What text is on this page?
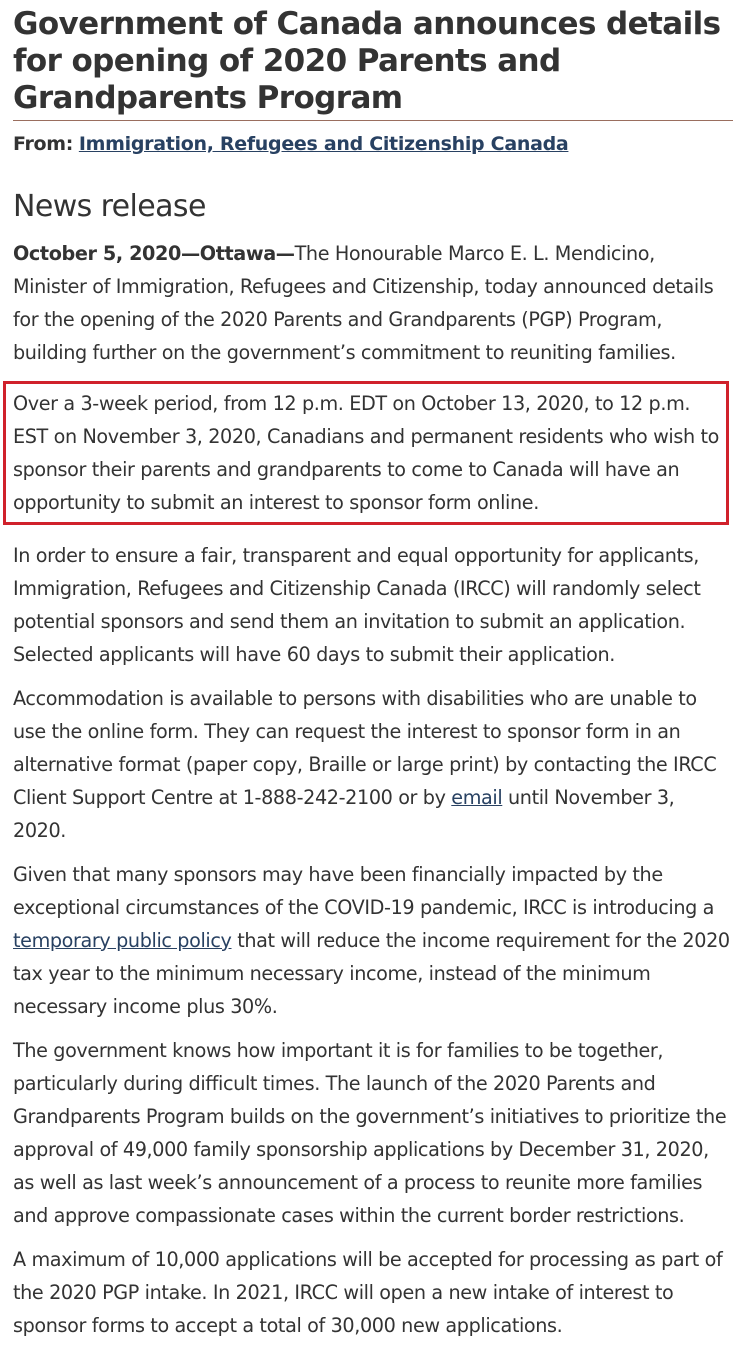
Government of Canada announces details for opening of 2020 Parents and Grandparents Program
From: Immigration, Refugees and Citizenship Canada
News release

October 5, 2020—Ottawa—The Honourable Marco E. L. Mendicino, Minister of Immigration, Refugees and Citizenship, today announced details for the opening of the 2020 Parents and Grandparents (PGP) Program, building further on the government’s commitment to reuniting families.

Over a 3-week period, from 12 p.m. EDT on October 13, 2020, to 12 p.m. EST on November 3, 2020, Canadians and permanent residents who wish to sponsor their parents and grandparents to come to Canada will have an opportunity to submit an interest to sponsor form online.

In order to ensure a fair, transparent and equal opportunity for applicants, Immigration, Refugees and Citizenship Canada (IRCC) will randomly select potential sponsors and send them an invitation to submit an application. Selected applicants will have 60 days to submit their application.

Accommodation is available to persons with disabilities who are unable to use the online form. They can request the interest to sponsor form in an alternative format (paper copy, Braille or large print) by contacting the IRCC Client Support Centre at 1-888-242-2100 or by email until November 3, 2020.

Given that many sponsors may have been financially impacted by the exceptional circumstances of the COVID-19 pandemic, IRCC is introducing a temporary public policy that will reduce the income requirement for the 2020 tax year to the minimum necessary income, instead of the minimum necessary income plus 30%.

The government knows how important it is for families to be together, particularly during difficult times. The launch of the 2020 Parents and Grandparents Program builds on the government’s initiatives to prioritize the approval of 49,000 family sponsorship applications by December 31, 2020, as well as last week’s announcement of a process to reunite more families and approve compassionate cases within the current border restrictions.

A maximum of 10,000 applications will be accepted for processing as part of the 2020 PGP intake. In 2021, IRCC will open a new intake of interest to sponsor forms to accept a total of 30,000 new applications.
